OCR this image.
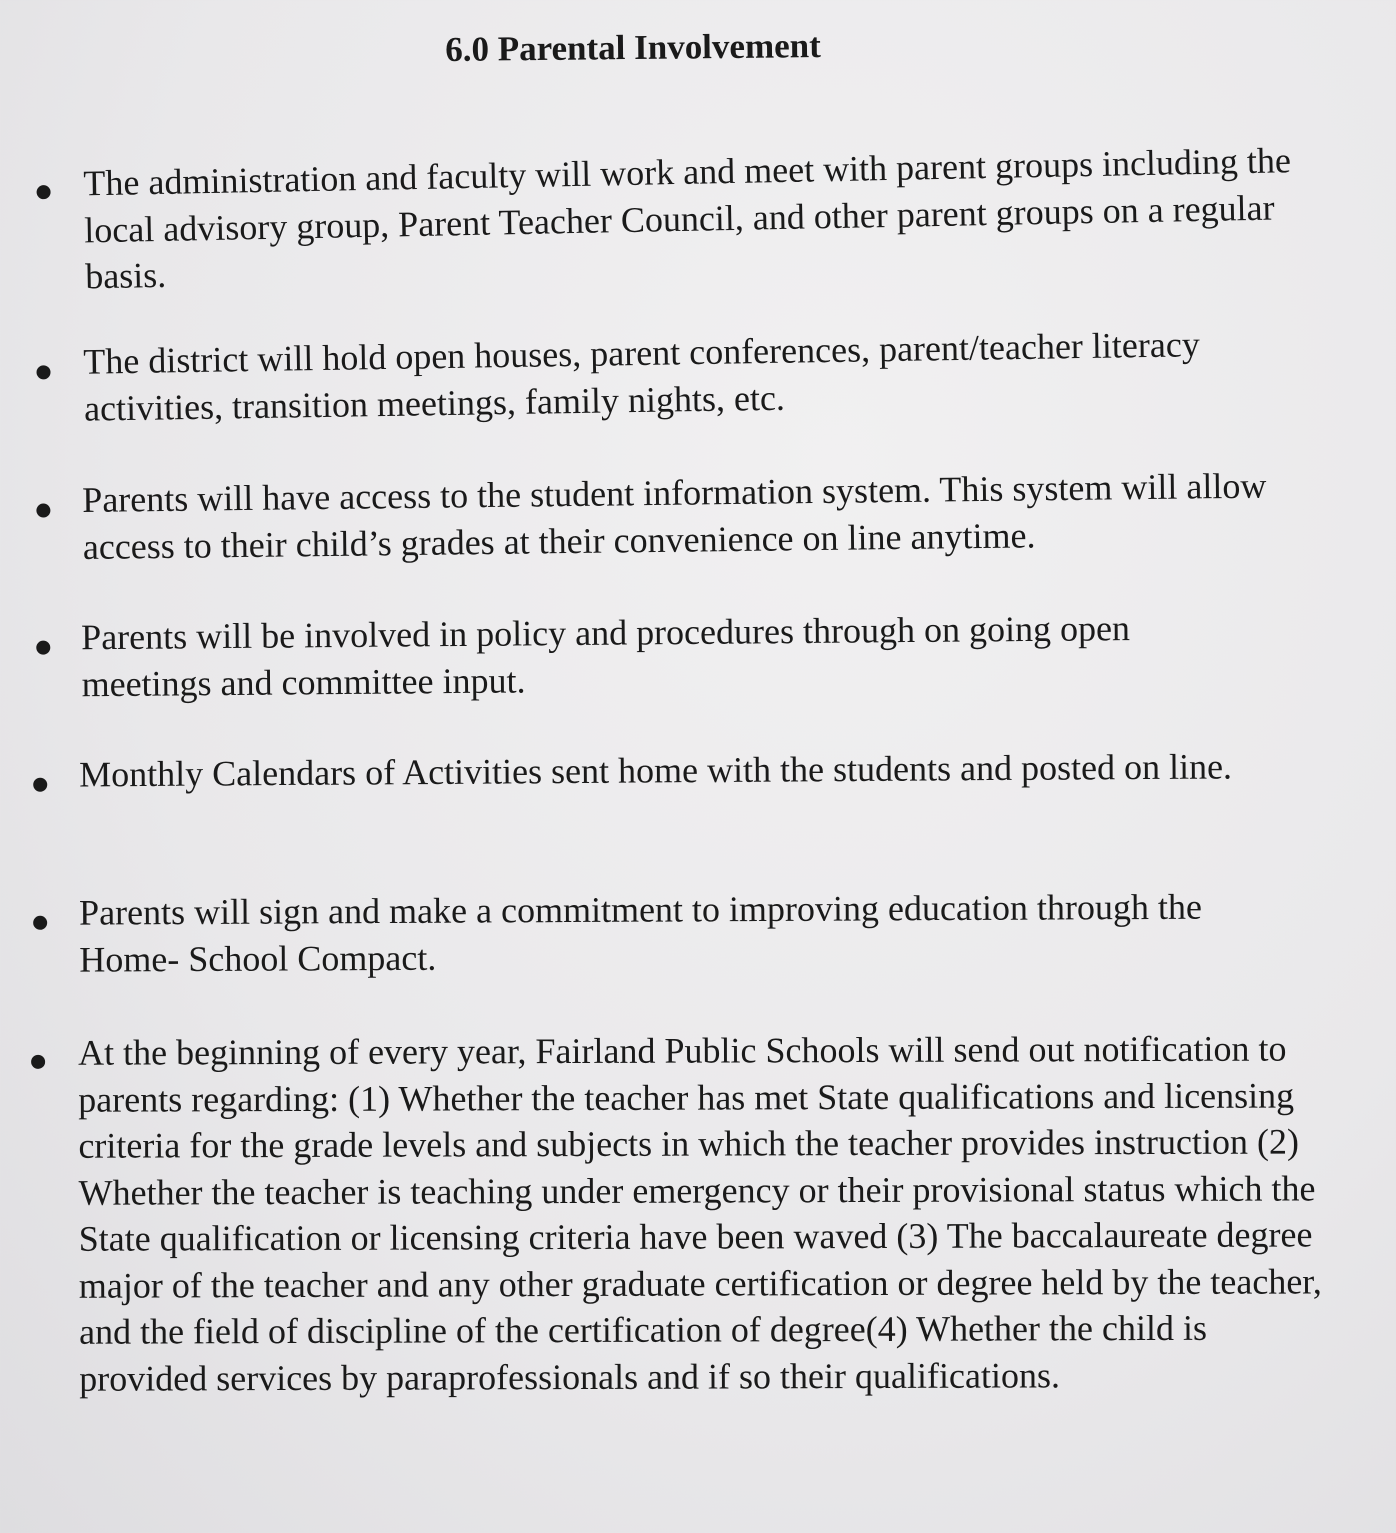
6.0 Parental Involvement

The administration and faculty will work and meet with parent groups including the local advisory group, Parent Teacher Council, and other parent groups on a regular basis.

The district will hold open houses, parent conferences, parent/teacher literacy activities, transition meetings, family nights, etc.

Parents will have access to the student information system. This system will allow access to their child’s grades at their convenience on line anytime.

Parents will be involved in policy and procedures through on going open meetings and committee input.

Monthly Calendars of Activities sent home with the students and posted on line.

Parents will sign and make a commitment to improving education through the Home- School Compact.

At the beginning of every year, Fairland Public Schools will send out notification to parents regarding: (1) Whether the teacher has met State qualifications and licensing criteria for the grade levels and subjects in which the teacher provides instruction (2) Whether the teacher is teaching under emergency or their provisional status which the State qualification or licensing criteria have been waved (3) The baccalaureate degree major of the teacher and any other graduate certification or degree held by the teacher, and the field of discipline of the certification of degree(4) Whether the child is provided services by paraprofessionals and if so their qualifications.
